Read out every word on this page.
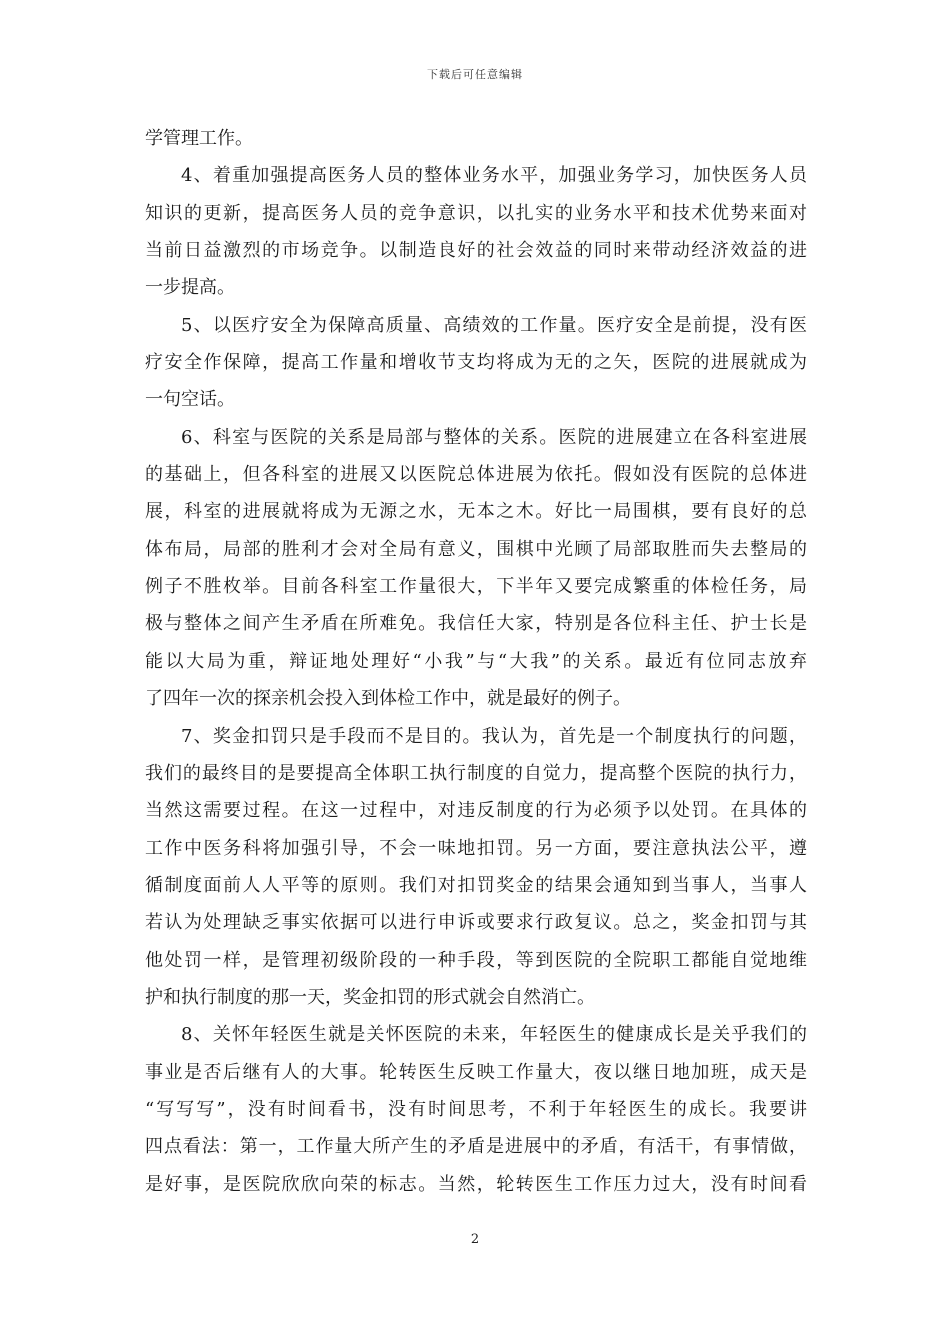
下载后可任意编辑
学管理工作。
4、着重加强提高医务人员的整体业务水平，加强业务学习，加快医务人员
知识的更新，提高医务人员的竞争意识，以扎实的业务水平和技术优势来面对
当前日益激烈的市场竞争。以制造良好的社会效益的同时来带动经济效益的进
一步提高。
5、以医疗安全为保障高质量、高绩效的工作量。医疗安全是前提，没有医
疗安全作保障，提高工作量和增收节支均将成为无的之矢，医院的进展就成为
一句空话。
6、科室与医院的关系是局部与整体的关系。医院的进展建立在各科室进展
的基础上，但各科室的进展又以医院总体进展为依托。假如没有医院的总体进
展，科室的进展就将成为无源之水，无本之木。好比一局围棋，要有良好的总
体布局，局部的胜利才会对全局有意义，围棋中光顾了局部取胜而失去整局的
例子不胜枚举。目前各科室工作量很大，下半年又要完成繁重的体检任务，局
极与整体之间产生矛盾在所难免。我信任大家，特别是各位科主任、护士长是
能以大局为重，辩证地处理好“小我”与“大我”的关系。最近有位同志放弃
了四年一次的探亲机会投入到体检工作中，就是最好的例子。
7、奖金扣罚只是手段而不是目的。我认为，首先是一个制度执行的问题，
我们的最终目的是要提高全体职工执行制度的自觉力，提高整个医院的执行力，
当然这需要过程。在这一过程中，对违反制度的行为必须予以处罚。在具体的
工作中医务科将加强引导，不会一味地扣罚。另一方面，要注意执法公平，遵
循制度面前人人平等的原则。我们对扣罚奖金的结果会通知到当事人，当事人
若认为处理缺乏事实依据可以进行申诉或要求行政复议。总之，奖金扣罚与其
他处罚一样，是管理初级阶段的一种手段，等到医院的全院职工都能自觉地维
护和执行制度的那一天，奖金扣罚的形式就会自然消亡。
8、关怀年轻医生就是关怀医院的未来，年轻医生的健康成长是关乎我们的
事业是否后继有人的大事。轮转医生反映工作量大，夜以继日地加班，成天是
“写写写”，没有时间看书，没有时间思考，不利于年轻医生的成长。我要讲
四点看法：第一，工作量大所产生的矛盾是进展中的矛盾，有活干，有事情做，
是好事，是医院欣欣向荣的标志。当然，轮转医生工作压力过大，没有时间看
2
